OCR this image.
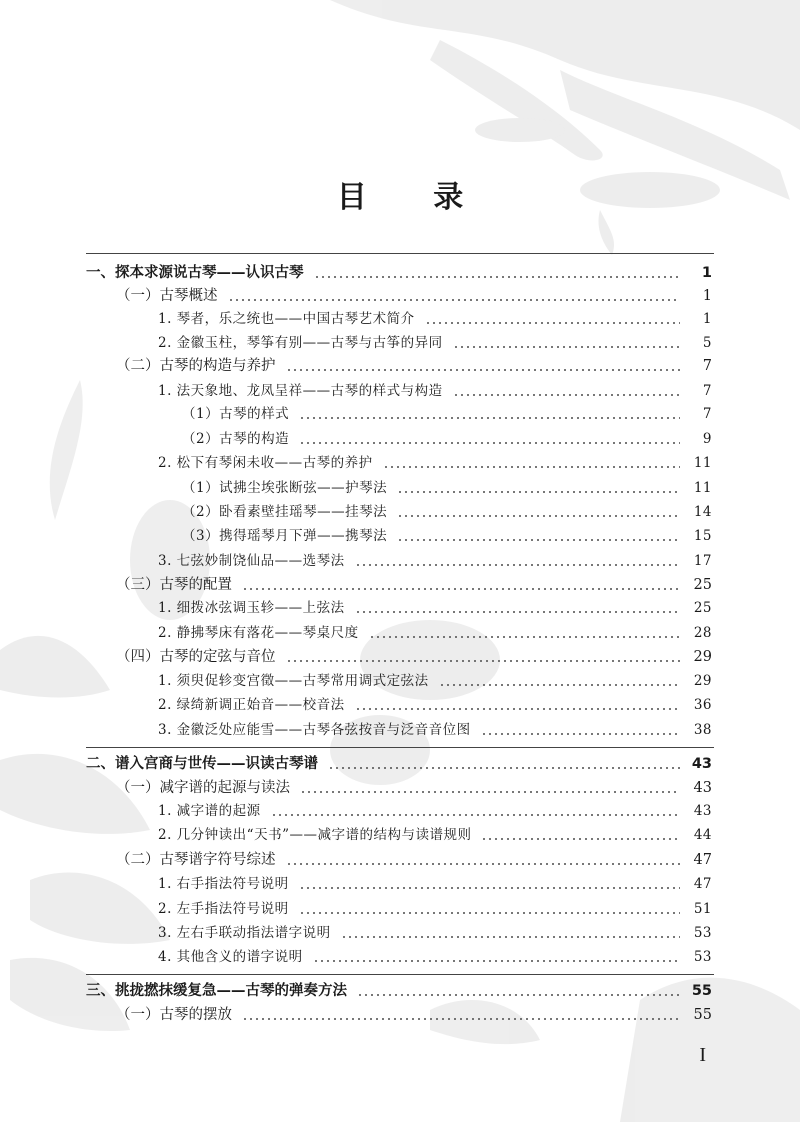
目 录
一、探本求源说古琴——认识古琴	1
（一）古琴概述	1
1. 琴者，乐之统也——中国古琴艺术简介	1
2. 金徽玉柱，琴筝有别——古琴与古筝的异同	5
（二）古琴的构造与养护	7
1. 法天象地、龙凤呈祥——古琴的样式与构造	7
（1）古琴的样式	7
（2）古琴的构造	9
2. 松下有琴闲未收——古琴的养护	11
（1）试拂尘埃张断弦——护琴法	11
（2）卧看素壁挂瑶琴——挂琴法	14
（3）携得瑶琴月下弹——携琴法	15
3. 七弦妙制饶仙品——选琴法	17
（三）古琴的配置	25
1. 细拨冰弦调玉轸——上弦法	25
2. 静拂琴床有落花——琴桌尺度	28
（四）古琴的定弦与音位	29
1. 须臾促轸变宫徵——古琴常用调式定弦法	29
2. 绿绮新调正始音——校音法	36
3. 金徽泛处应能雪——古琴各弦按音与泛音音位图	38
二、谱入宫商与世传——识读古琴谱	43
（一）减字谱的起源与读法	43
1. 减字谱的起源	43
2. 几分钟读出“天书”——减字谱的结构与读谱规则	44
（二）古琴谱字符号综述	47
1. 右手指法符号说明	47
2. 左手指法符号说明	51
3. 左右手联动指法谱字说明	53
4. 其他含义的谱字说明	53
三、挑拢撚抹缓复急——古琴的弹奏方法	55
（一）古琴的摆放	55
I
